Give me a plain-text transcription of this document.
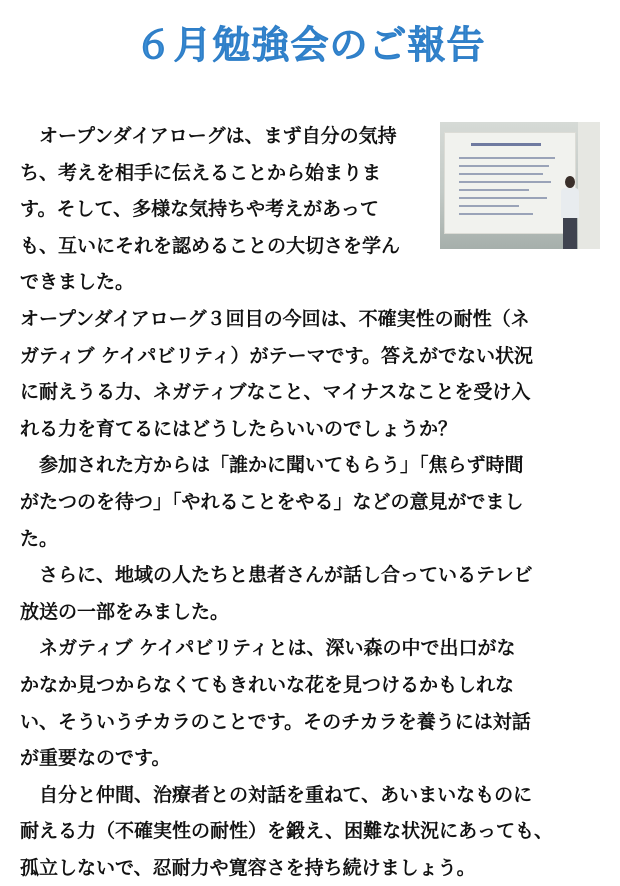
６月勉強会のご報告
　オープンダイアローグは、まず自分の気持
ち、考えを相手に伝えることから始まりま
す。そして、多様な気持ちや考えがあって
も、互いにそれを認めることの大切さを学ん
できました。
オープンダイアローグ３回目の今回は、不確実性の耐性（ネ
ガティブ ケイパビリティ）がテーマです。答えがでない状況
に耐えうる力、ネガティブなこと、マイナスなことを受け入
れる力を育てるにはどうしたらいいのでしょうか？
　参加された方からは「誰かに聞いてもらう」「焦らず時間
がたつのを待つ」「やれることをやる」などの意見がでまし
た。
　さらに、地域の人たちと患者さんが話し合っているテレビ
放送の一部をみました。
　ネガティブ ケイパビリティとは、深い森の中で出口がな
かなか見つからなくてもきれいな花を見つけるかもしれな
い、そういうチカラのことです。そのチカラを養うには対話
が重要なのです。
　自分と仲間、治療者との対話を重ねて、あいまいなものに
耐える力（不確実性の耐性）を鍛え、困難な状況にあっても、
孤立しないで、忍耐力や寛容さを持ち続けましょう。
